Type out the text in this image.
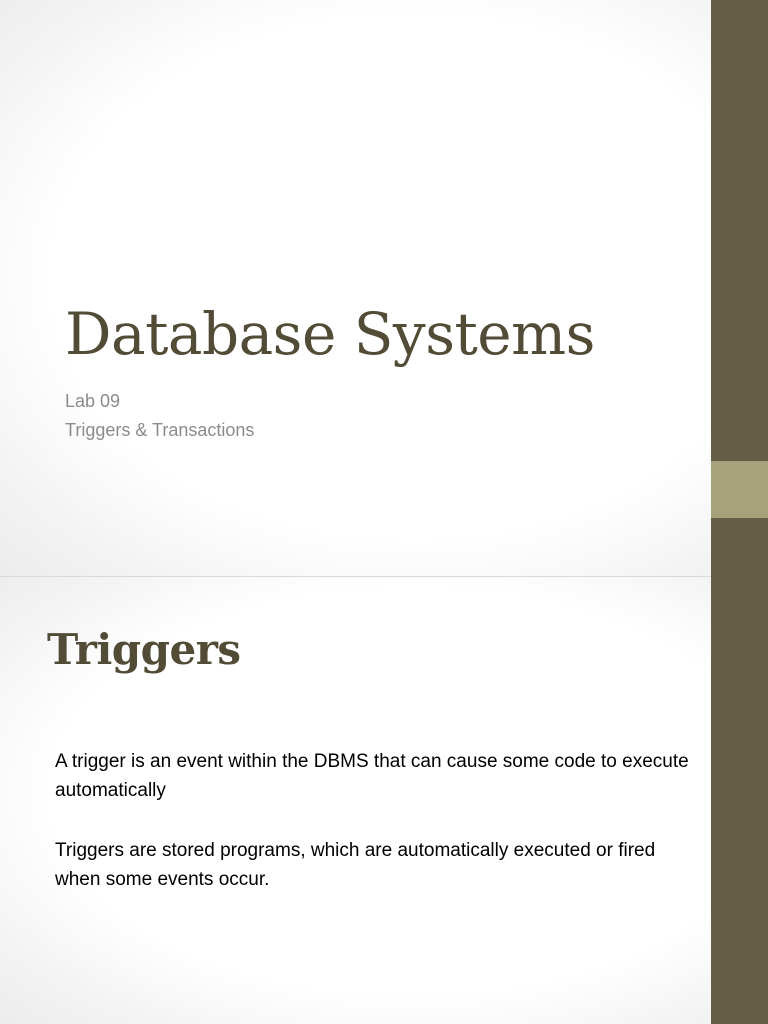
Database Systems

Lab 09

Triggers & Transactions

Triggers

A trigger is an event within the DBMS that can cause some code to execute automatically

Triggers are stored programs, which are automatically executed or fired when some events occur.
